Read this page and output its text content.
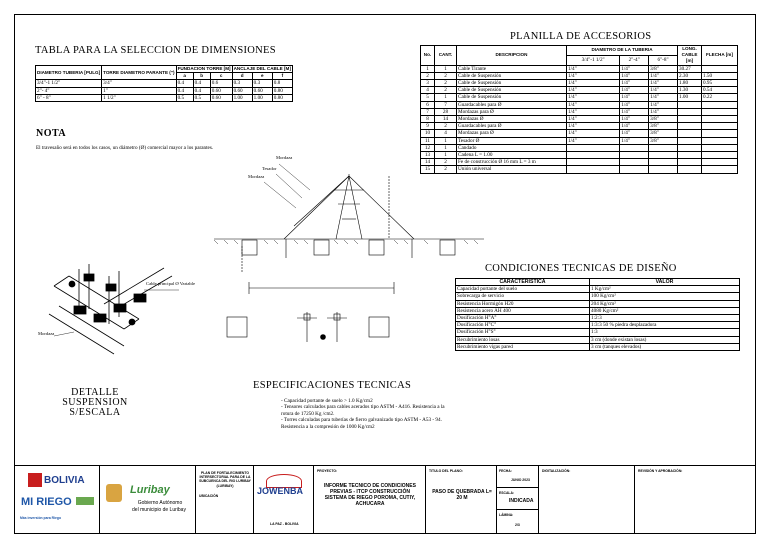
TABLA PARA LA SELECCION DE DIMENSIONES
DIAMETRO TUBERIA [PULG]	TORRE DIAMETRO PARANTE (")	FUNDACION TORRE [M]			ANCLAJE DEL CABLE [M]		
		a	b	c	d	e	f
3/4"-1 1/2"	3/4"	0.4	0.4	0.6	0.3	0.3	0.8
2"- 4"	1"	0.4	0.4	0.60	0.60	0.60	0.80
6" - 8"	1 1/2"	0.5	0.5	0.60	1.00	1.00	0.80
NOTA
El travesaño será en todos los casos, un diámetro (Ø) comercial mayor a los parantes.
PLANILLA DE ACCESORIOS
No.	CANT.	DESCRIPCION	DIAMETRO DE LA TUBERIA			LONG. CABLE [m]	FLECHA [m]
			3/4"-1 1/2"	2"-4"	6"-8"		
1	1	Cable Tirante	1/4"	1/4"	3/8"	30.27	
2	2	Cable de Suspensión	1/4"	1/4"	1/4"	2.30	1.50
3	2	Cable de Suspensión	1/4"	1/4"	1/4"	1.80	0.95
4	2	Cable de Suspensión	1/4"	1/4"	1/4"	1.30	0.54
5	1	Cable de Suspensión	1/4"	1/4"	1/4"	1.00	0.22
6	7	Guardacables para Ø	1/4"	1/4"	1/4"		
7	28	Mordazas para Ø	1/4"	1/4"	1/4"		
8	14	Mordazas Ø	1/4"	1/4"	3/8"		
9	2	Guardacables para Ø	1/4"	1/4"	3/8"		
10	4	Mordazas para Ø	1/4"	1/4"	3/8"		
11	1	Tesador Ø	1/4"	1/4"	3/8"		
12	1	Candado					
13	1	Cadena L = 1.00					
14	2	Fe de construcción Ø 16 mm L = 3 m					
15	2	Unión universal					
Mordaza
Tesador
Mordaza
Cable principal Ø Variable
Mordaza
DETALLE SUSPENSION S/ESCALA
ESPECIFICACIONES TECNICAS
- Capacidad portante de suelo > 1.0 Kg/cm2
- Tensores calculados para cables acerados tipo ASTM - A416. Resistencia a la rotura de 17250 Kg /cm2.
- Torres calculadas para tuberías de fierro galvanizado tipo ASTM - A53 - 94. Resistencia a la compresión de 1000 Kg/cm2
CONDICIONES TECNICAS DE DISEÑO
CARACTERISTICA	VALOR
Capacidad portante del suelo	1 Kg/cm²
Sobrecarga de servicio	100 Kg/cm²
Resistencia Hormigón H20	204 Kg/cm²
Resistencia acero AH 400	4080 Kg/cm²
Dosificación H°A°	1:2:3
Dosificación H°C°	1:3:3 50 % piedra desplazadora
Dosificación H°S°	1:3
Recubrimiento losas	3 cm (donde existan losas)
Recubrimiento vigas pared	3 cm (tanques elevados)
BOLIVIA
MI RIEGO
Más inversión para Riego
Luribay
Gobierno Autónomo
del municipio de Luribay
PLAN DE FORTALECIMIENTO INTERSECTORIAL PARA DE LA SUBCUENCA DEL RIO LURIBAY (LURIBAY)
UBICACIÓN	JOWENBA
LA PAZ - BOLIVIA
PROYECTO:
INFORME TECNICO DE CONDICIONES PREVIAS - ITCP CONSTRUCCIÓN SISTEMA DE RIEGO POROMA, CUTIY, ACHUCARA
TITULO DEL PLANO:
PASO DE QUEBRADA L= 20 M
FECHA:
JUNIO 2023
ESCALA:
INDICADA
LÁMINA:
2/3
DIGITALIZACIÓN:	REVISIÓN Y APROBACIÓN:
